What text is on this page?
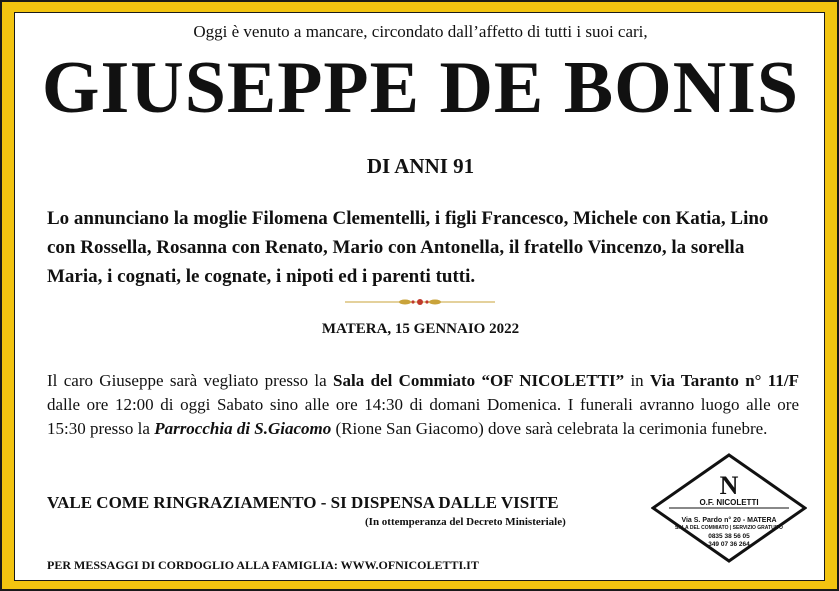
Oggi è venuto a mancare, circondato dall’affetto di tutti i suoi cari,
GIUSEPPE DE BONIS
DI ANNI 91
Lo annunciano la moglie Filomena Clementelli, i figli Francesco, Michele con Katia, Lino con Rossella, Rosanna con Renato, Mario con Antonella, il fratello Vincenzo, la sorella Maria, i cognati, le cognate, i nipoti ed i parenti tutti.
MATERA, 15 GENNAIO 2022
Il caro Giuseppe sarà vegliato presso la Sala del Commiato “OF NICOLETTI” in Via Taranto n° 11/F dalle ore 12:00 di oggi Sabato sino alle ore 14:30 di domani Domenica. I funerali avranno luogo alle ore 15:30 presso la Parrocchia di S.Giacomo (Rione San Giacomo) dove sarà celebrata la cerimonia funebre.
VALE COME RINGRAZIAMENTO - SI DISPENSA DALLE VISITE
(In ottemperanza del Decreto Ministeriale)
PER MESSAGGI DI CORDOGLIO ALLA FAMIGLIA: WWW.OFNICOLETTI.IT
N
O.F. NICOLETTI
Via S. Pardo n° 20 - MATERA
SALA DEL COMMIATO | SERVIZIO GRATUITO
0835 38 56 05
349 07 36 264
